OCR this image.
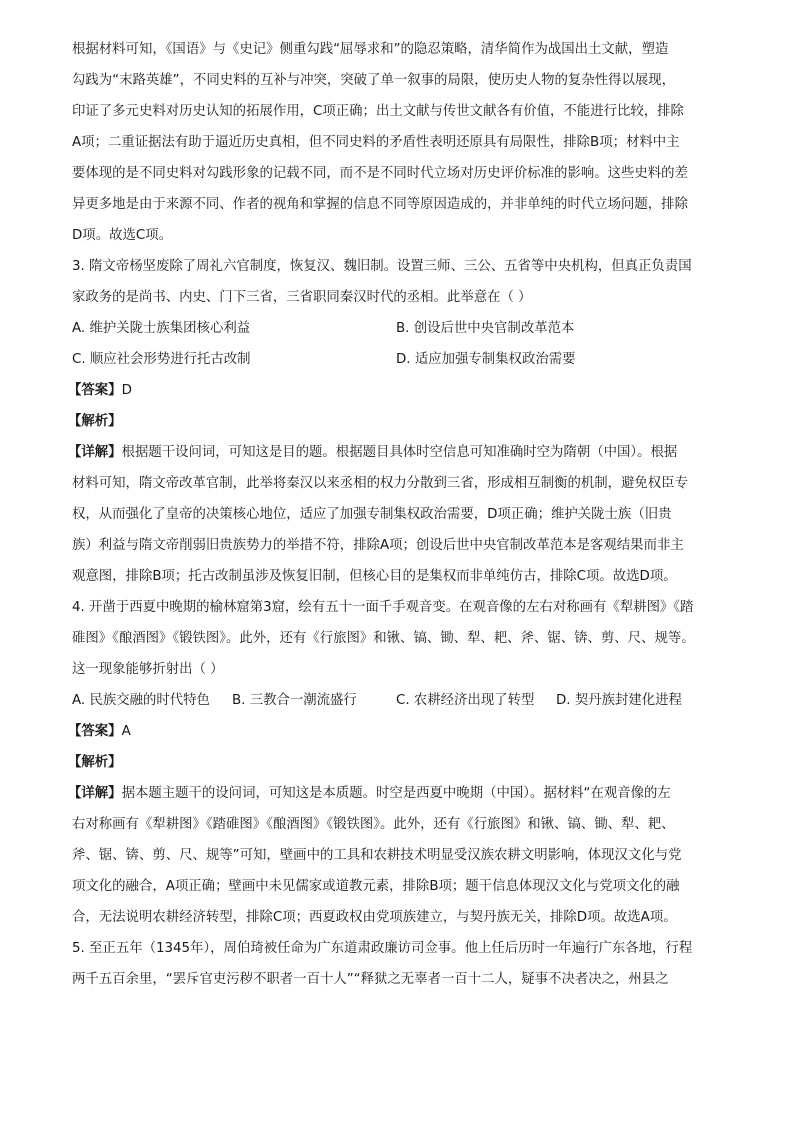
根据材料可知，《国语》与《史记》侧重勾践“屈辱求和”的隐忍策略，清华简作为战国出土文献，塑造
勾践为“末路英雄”，不同史料的互补与冲突，突破了单一叙事的局限，使历史人物的复杂性得以展现，
印证了多元史料对历史认知的拓展作用，C项正确；出土文献与传世文献各有价值，不能进行比较，排除
A项；二重证据法有助于逼近历史真相，但不同史料的矛盾性表明还原具有局限性，排除B项；材料中主
要体现的是不同史料对勾践形象的记载不同，而不是不同时代立场对历史评价标准的影响。这些史料的差
异更多地是由于来源不同、作者的视角和掌握的信息不同等原因造成的，并非单纯的时代立场问题，排除
D项。故选C项。
3. 隋文帝杨坚废除了周礼六官制度，恢复汉、魏旧制。设置三师、三公、五省等中央机构，但真正负责国
家政务的是尚书、内史、门下三省，三省职同秦汉时代的丞相。此举意在（ ）
A. 维护关陇士族集团核心利益	B. 创设后世中央官制改革范本
C. 顺应社会形势进行托古改制	D. 适应加强专制集权政治需要
【答案】D
【解析】
【详解】根据题干设问词，可知这是目的题。根据题目具体时空信息可知准确时空为隋朝（中国）。根据
材料可知，隋文帝改革官制，此举将秦汉以来丞相的权力分散到三省，形成相互制衡的机制，避免权臣专
权，从而强化了皇帝的决策核心地位，适应了加强专制集权政治需要，D项正确；维护关陇士族（旧贵
族）利益与隋文帝削弱旧贵族势力的举措不符，排除A项；创设后世中央官制改革范本是客观结果而非主
观意图，排除B项；托古改制虽涉及恢复旧制，但核心目的是集权而非单纯仿古，排除C项。故选D项。
4. 开凿于西夏中晚期的榆林窟第3窟，绘有五十一面千手观音变。在观音像的左右对称画有《犁耕图》《踏
碓图》《酿酒图》《锻铁图》。此外，还有《行旅图》和锹、镐、锄、犁、耙、斧、锯、锛、剪、尺、规等。
这一现象能够折射出（ ）
A. 民族交融的时代特色 B. 三教合一潮流盛行	C. 农耕经济出现了转型 D. 契丹族封建化进程
【答案】A
【解析】
【详解】据本题主题干的设问词，可知这是本质题。时空是西夏中晚期（中国）。据材料“在观音像的左
右对称画有《犁耕图》《踏碓图》《酿酒图》《锻铁图》。此外，还有《行旅图》和锹、镐、锄、犁、耙、
斧、锯、锛、剪、尺、规等”可知，壁画中的工具和农耕技术明显受汉族农耕文明影响，体现汉文化与党
项文化的融合，A项正确；壁画中未见儒家或道教元素，排除B项；题干信息体现汉文化与党项文化的融
合，无法说明农耕经济转型，排除C项；西夏政权由党项族建立，与契丹族无关，排除D项。故选A项。
5. 至正五年（1345年），周伯琦被任命为广东道肃政廉访司佥事。他上任后历时一年遍行广东各地，行程
两千五百余里，“罢斥官吏污秽不职者一百十人”“释狱之无辜者一百十二人，疑事不决者决之，州县之
